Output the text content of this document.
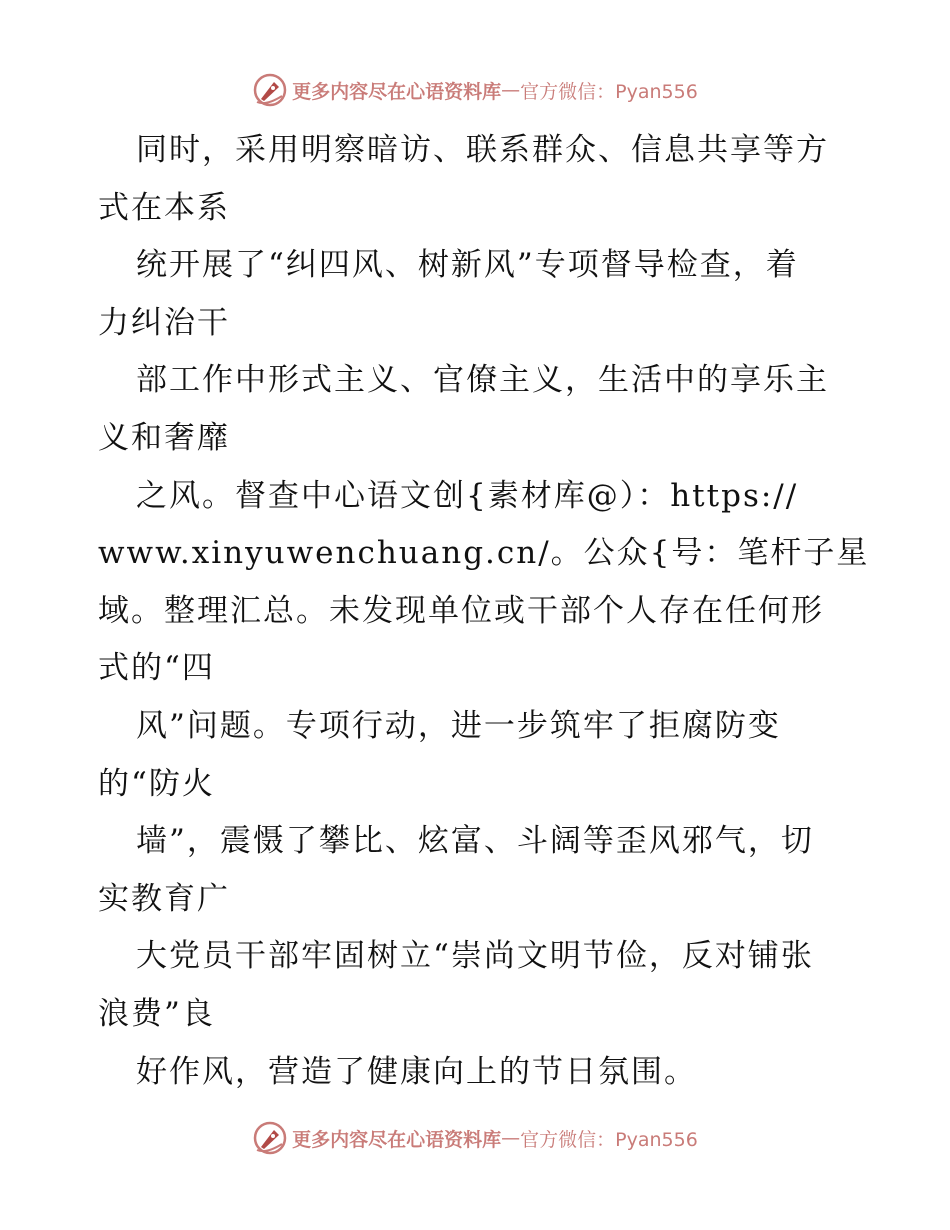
更多内容尽在心语资料库 — 官方微信：Pyan556
同时，采用明察暗访、联系群众、信息共享等方
式在本系
统开展了“纠四风、树新风”专项督导检查，着
力纠治干
部工作中形式主义、官僚主义，生活中的享乐主
义和奢靡
之风。督查中心语文创{素材库@）：https://
www.xinyuwenchuang.cn/。公众{号：笔杆子星
域。整理汇总。未发现单位或干部个人存在任何形
式的“四
风”问题。专项行动，进一步筑牢了拒腐防变
的“防火
墙”，震慑了攀比、炫富、斗阔等歪风邪气，切
实教育广
大党员干部牢固树立“崇尚文明节俭，反对铺张
浪费”良
好作风，营造了健康向上的节日氛围。
更多内容尽在心语资料库 — 官方微信：Pyan556
